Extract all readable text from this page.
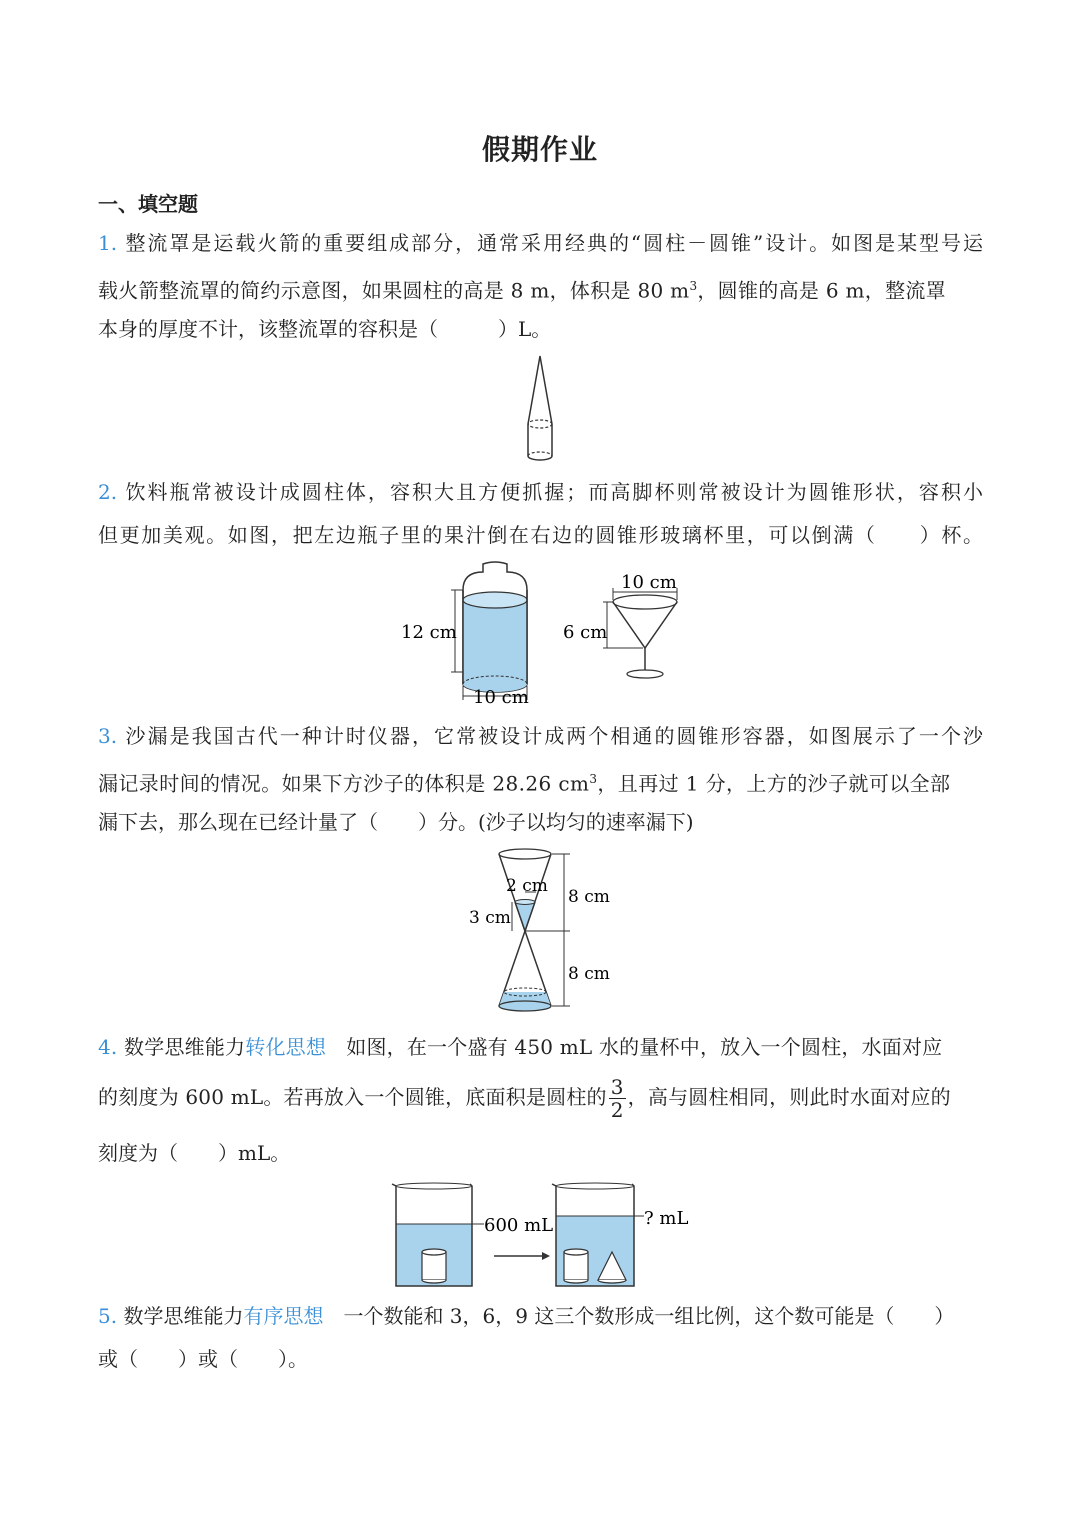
假期作业
一、填空题
1. 整流罩是运载火箭的重要组成部分，通常采用经典的“圆柱－圆锥”设计。如图是某型号运
载火箭整流罩的简约示意图，如果圆柱的高是 8 m，体积是 80 $m^3$，圆锥的高是 6 m，整流罩
本身的厚度不计，该整流罩的容积是（　　　）L。
2. 饮料瓶常被设计成圆柱体，容积大且方便抓握；而高脚杯则常被设计为圆锥形状，容积小
但更加美观。如图，把左边瓶子里的果汁倒在右边的圆锥形玻璃杯里，可以倒满（　　）杯。
12 cm
10 cm
10 cm
6 cm
3. 沙漏是我国古代一种计时仪器，它常被设计成两个相通的圆锥形容器，如图展示了一个沙
漏记录时间的情况。如果下方沙子的体积是 28.26 $cm^3$，且再过 1 分，上方的沙子就可以全部
漏下去，那么现在已经计量了（　　）分。(沙子以均匀的速率漏下)
2 cm
3 cm
8 cm
8 cm
4. 数学思维能力转化思想　如图，在一个盛有 450 mL 水的量杯中，放入一个圆柱，水面对应
的刻度为 600 mL。若再放入一个圆锥，底面积是圆柱的 $\frac{3}{2}$ ，高与圆柱相同，则此时水面对应的
刻度为（　　）mL。
600 mL	? mL
5. 数学思维能力有序思想　一个数能和 3，6，9 这三个数形成一组比例，这个数可能是（　　）
或（　　）或（　　）。
